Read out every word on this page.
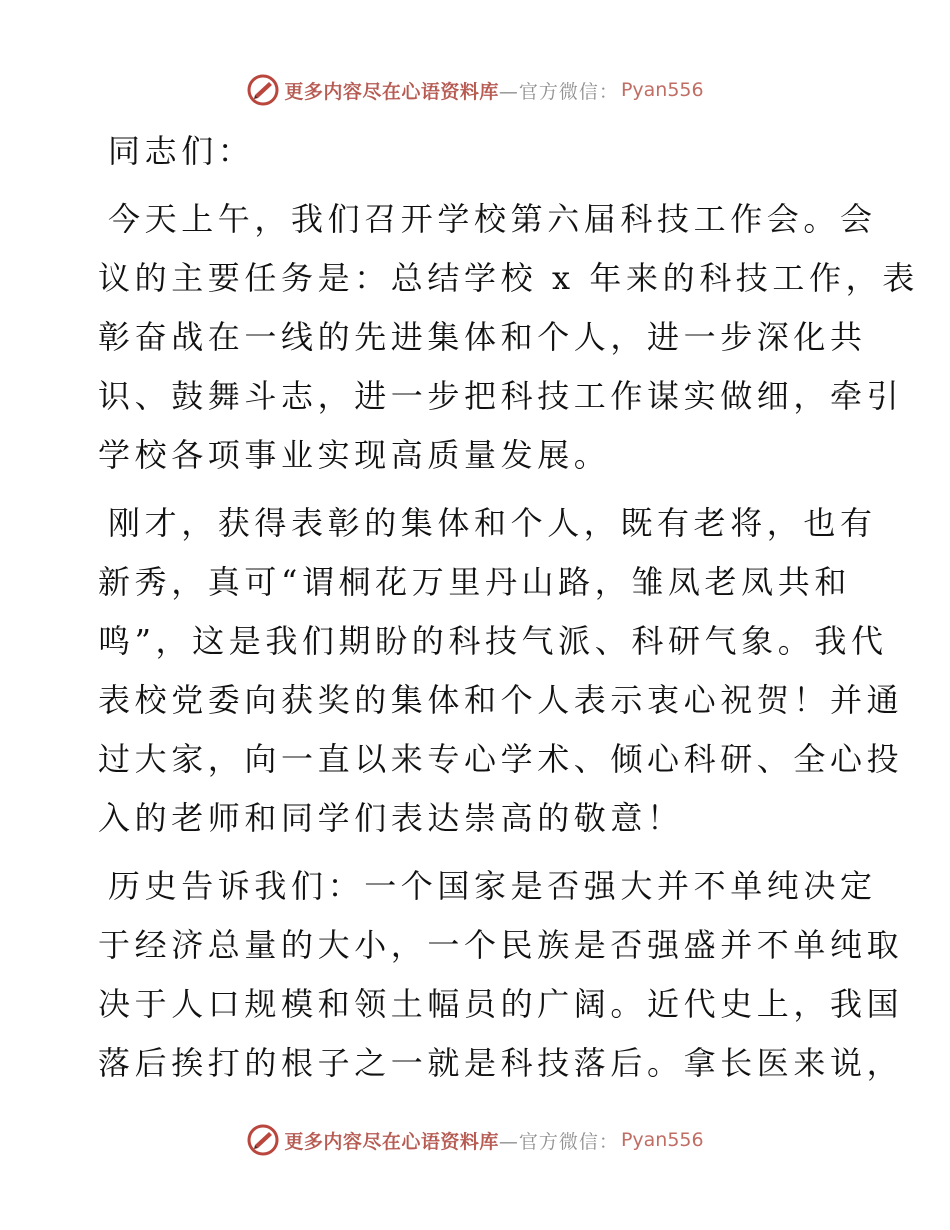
更多内容尽在心语资料库 —官方微信： Pyan556
同志们：
今天上午，我们召开学校第六届科技工作会。会
议的主要任务是：总结学校 x 年来的科技工作，表
彰奋战在一线的先进集体和个人，进一步深化共
识、鼓舞斗志，进一步把科技工作谋实做细，牵引
学校各项事业实现高质量发展。
刚才，获得表彰的集体和个人，既有老将，也有
新秀，真可“谓桐花万里丹山路，雏凤老凤共和
鸣”，这是我们期盼的科技气派、科研气象。我代
表校党委向获奖的集体和个人表示衷心祝贺！并通
过大家，向一直以来专心学术、倾心科研、全心投
入的老师和同学们表达崇高的敬意！
历史告诉我们：一个国家是否强大并不单纯决定
于经济总量的大小，一个民族是否强盛并不单纯取
决于人口规模和领土幅员的广阔。近代史上，我国
落后挨打的根子之一就是科技落后。拿长医来说，
更多内容尽在心语资料库 —官方微信： Pyan556
